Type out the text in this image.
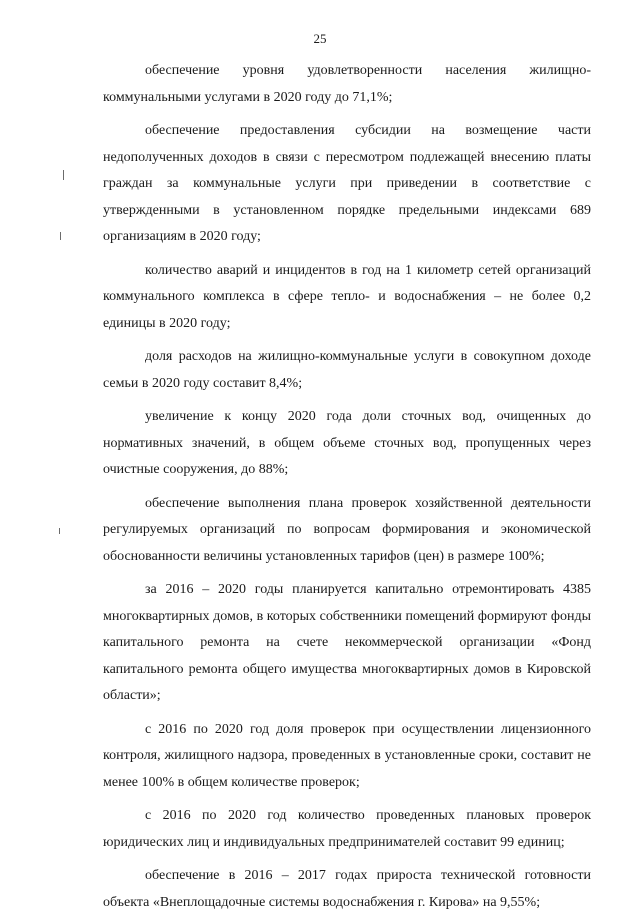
25

обеспечение уровня удовлетворенности населения жилищно-коммунальными услугами в 2020 году до 71,1%;

обеспечение предоставления субсидии на возмещение части недополученных доходов в связи с пересмотром подлежащей внесению платы граждан за коммунальные услуги при приведении в соответствие с утвержденными в установленном порядке предельными индексами 689 организациям в 2020 году;

количество аварий и инцидентов в год на 1 километр сетей организаций коммунального комплекса в сфере тепло- и водоснабжения – не более 0,2 единицы в 2020 году;

доля расходов на жилищно-коммунальные услуги в совокупном доходе семьи в 2020 году составит 8,4%;

увеличение к концу 2020 года доли сточных вод, очищенных до нормативных значений, в общем объеме сточных вод, пропущенных через очистные сооружения, до 88%;

обеспечение выполнения плана проверок хозяйственной деятельности регулируемых организаций по вопросам формирования и экономической обоснованности величины установленных тарифов (цен) в размере 100%;

за 2016 – 2020 годы планируется капитально отремонтировать 4385 многоквартирных домов, в которых собственники помещений формируют фонды капитального ремонта на счете некоммерческой организации «Фонд капитального ремонта общего имущества многоквартирных домов в Кировской области»;

с 2016 по 2020 год доля проверок при осуществлении лицензионного контроля, жилищного надзора, проведенных в установленные сроки, составит не менее 100% в общем количестве проверок;

с 2016 по 2020 год количество проведенных плановых проверок юридических лиц и индивидуальных предпринимателей составит 99 единиц;

обеспечение в 2016 – 2017 годах прироста технической готовности объекта «Внеплощадочные системы водоснабжения г. Кирова» на 9,55%;
